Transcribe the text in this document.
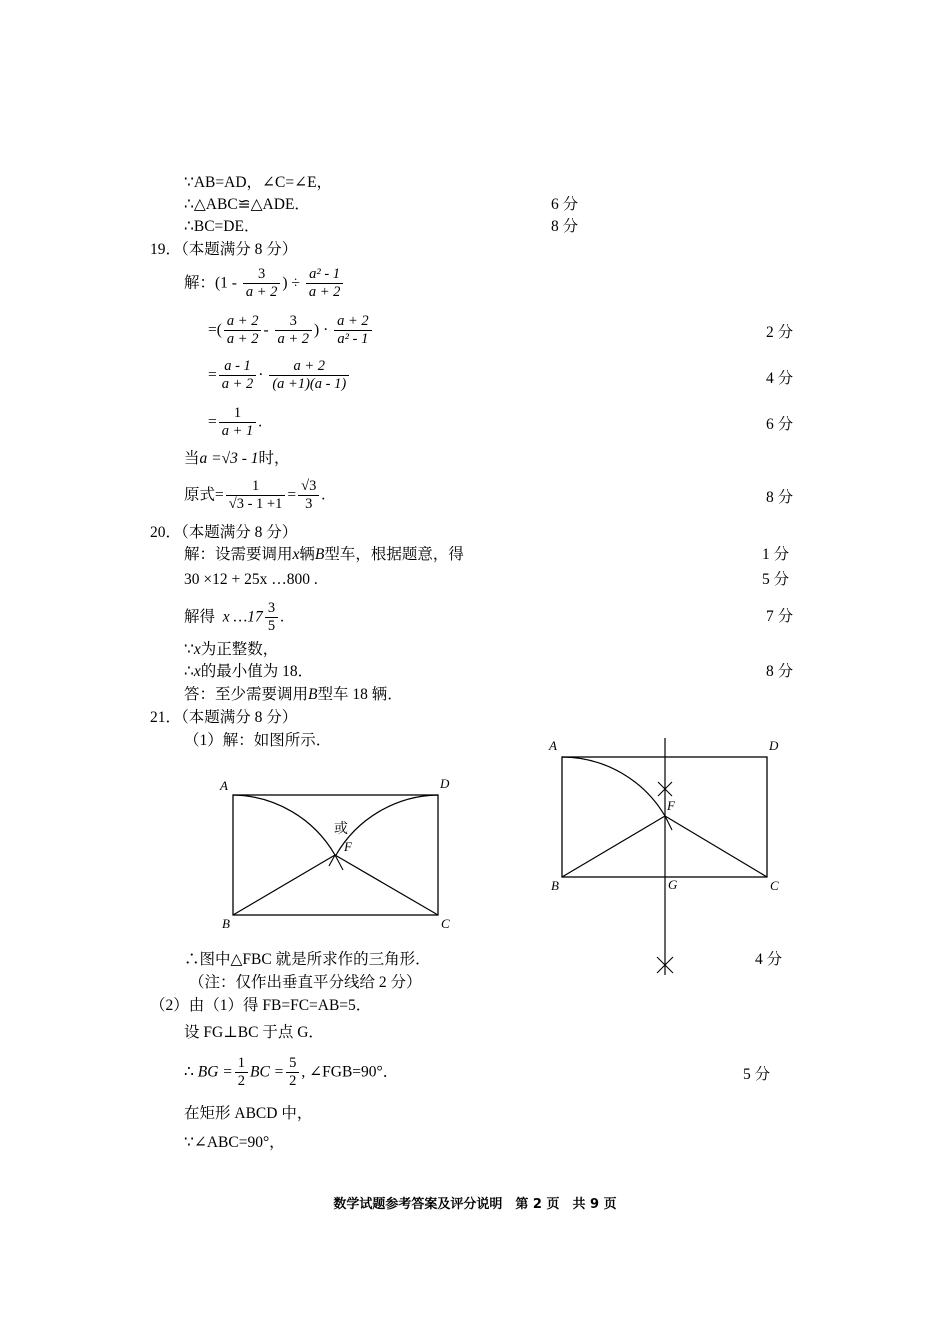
∵AB=AD，∠C=∠E，
∴△ABC≌△ADE．	6 分
∴BC=DE．	8 分
19．（本题满分 8 分）
解：($1 - \frac{3}{a + 2}$ ) ÷ $\frac{\text{a² - 1}}{a + 2}$
=( $\frac{a + 2}{a + 2} - \frac{3}{a + 2}$ ) · $\frac{a + 2}{\text{a² - 1}}$	2 分
= $\frac{a - 1}{a + 2} \cdot \frac{a + 2}{(a +1)(a - 1)}$	4 分
= $\frac{1}{a + 1}$ .	6 分
当a =√3 - 1时，
原式= $\frac{1}{√3 - 1 +1} = \frac{√3}{3}$ .	8 分
20．（本题满分 8 分）
解：设需要调用x辆B型车，根据题意，得	1 分
30 ×12 + 25x …800 .	5 分
解得 x …17 $\frac{3}{5}$ .	7 分
∵x为正整数，
∴x的最小值为 18．	8 分
答：至少需要调用B型车 18 辆．
21．（本题满分 8 分）
（1）解：如图所示．
A	D
B	C
F
或
A	D
B	C
F
G
∴图中△FBC 就是所求作的三角形．	4 分
（注：仅作出垂直平分线给 2 分）
（2）由（1）得 FB=FC=AB=5．
设 FG⊥BC 于点 G．
∴ BG = $\frac{1}{2}$ BC = $\frac{5}{2}$ , ∠FGB=90°．	5 分
在矩形 ABCD 中，
∵∠ABC=90°，
数学试题参考答案及评分说明　第 2 页　共 9 页
